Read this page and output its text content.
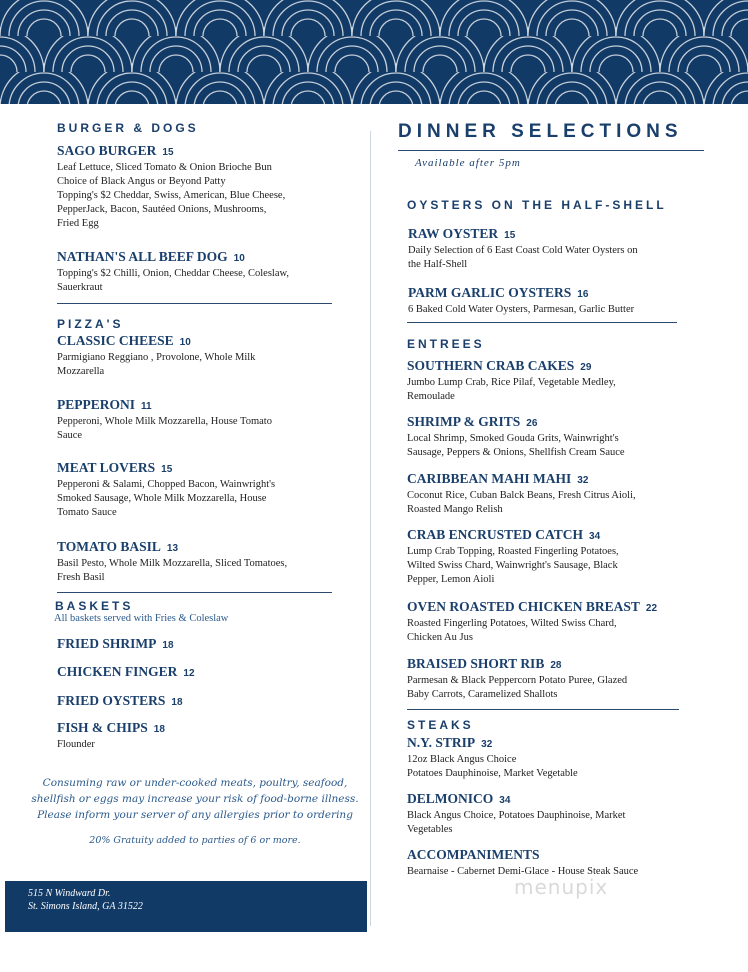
BURGER & DOGS
SAGO BURGER 15
Leaf Lettuce, Sliced Tomato & Onion Brioche Bun
Choice of Black Angus or Beyond Patty
Topping's $2 Cheddar, Swiss, American, Blue Cheese,
PepperJack, Bacon, Sautéed Onions, Mushrooms,
Fried Egg
NATHAN'S ALL BEEF DOG 10
Topping's $2 Chilli, Onion, Cheddar Cheese, Coleslaw,
Sauerkraut
PIZZA'S
CLASSIC CHEESE 10
Parmigiano Reggiano , Provolone, Whole Milk
Mozzarella
PEPPERONI 11
Pepperoni, Whole Milk Mozzarella, House Tomato
Sauce
MEAT LOVERS 15
Pepperoni & Salami, Chopped Bacon, Wainwright's
Smoked Sausage, Whole Milk Mozzarella, House
Tomato Sauce
TOMATO BASIL 13
Basil Pesto, Whole Milk Mozzarella, Sliced Tomatoes,
Fresh Basil
BASKETS
All baskets served with Fries & Coleslaw
FRIED SHRIMP 18
CHICKEN FINGER 12
FRIED OYSTERS 18
FISH & CHIPS 18
Flounder
Consuming raw or under-cooked meats, poultry, seafood,
shellfish or eggs may increase your risk of food-borne illness.
Please inform your server of any allergies prior to ordering
20% Gratuity added to parties of 6 or more.
515 N Windward Dr.
St. Simons Island, GA 31522
DINNER SELECTIONS
Available after 5pm
OYSTERS ON THE HALF-SHELL
RAW OYSTER 15
Daily Selection of 6 East Coast Cold Water Oysters on
the Half-Shell
PARM GARLIC OYSTERS 16
6 Baked Cold Water Oysters, Parmesan, Garlic Butter
ENTREES
SOUTHERN CRAB CAKES 29
Jumbo Lump Crab, Rice Pilaf, Vegetable Medley,
Remoulade
SHRIMP & GRITS 26
Local Shrimp, Smoked Gouda Grits, Wainwright's
Sausage, Peppers & Onions, Shellfish Cream Sauce
CARIBBEAN MAHI MAHI 32
Coconut Rice, Cuban Balck Beans, Fresh Citrus Aioli,
Roasted Mango Relish
CRAB ENCRUSTED CATCH 34
Lump Crab Topping, Roasted Fingerling Potatoes,
Wilted Swiss Chard, Wainwright's Sausage, Black
Pepper, Lemon Aioli
OVEN ROASTED CHICKEN BREAST 22
Roasted Fingerling Potatoes, Wilted Swiss Chard,
Chicken Au Jus
BRAISED SHORT RIB 28
Parmesan & Black Peppercorn Potato Puree, Glazed
Baby Carrots, Caramelized Shallots
STEAKS
N.Y. STRIP 32
12oz Black Angus Choice
Potatoes Dauphinoise, Market Vegetable
DELMONICO 34
Black Angus Choice, Potatoes Dauphinoise, Market
Vegetables
ACCOMPANIMENTS
Bearnaise - Cabernet Demi-Glace - House Steak Sauce
menupix
